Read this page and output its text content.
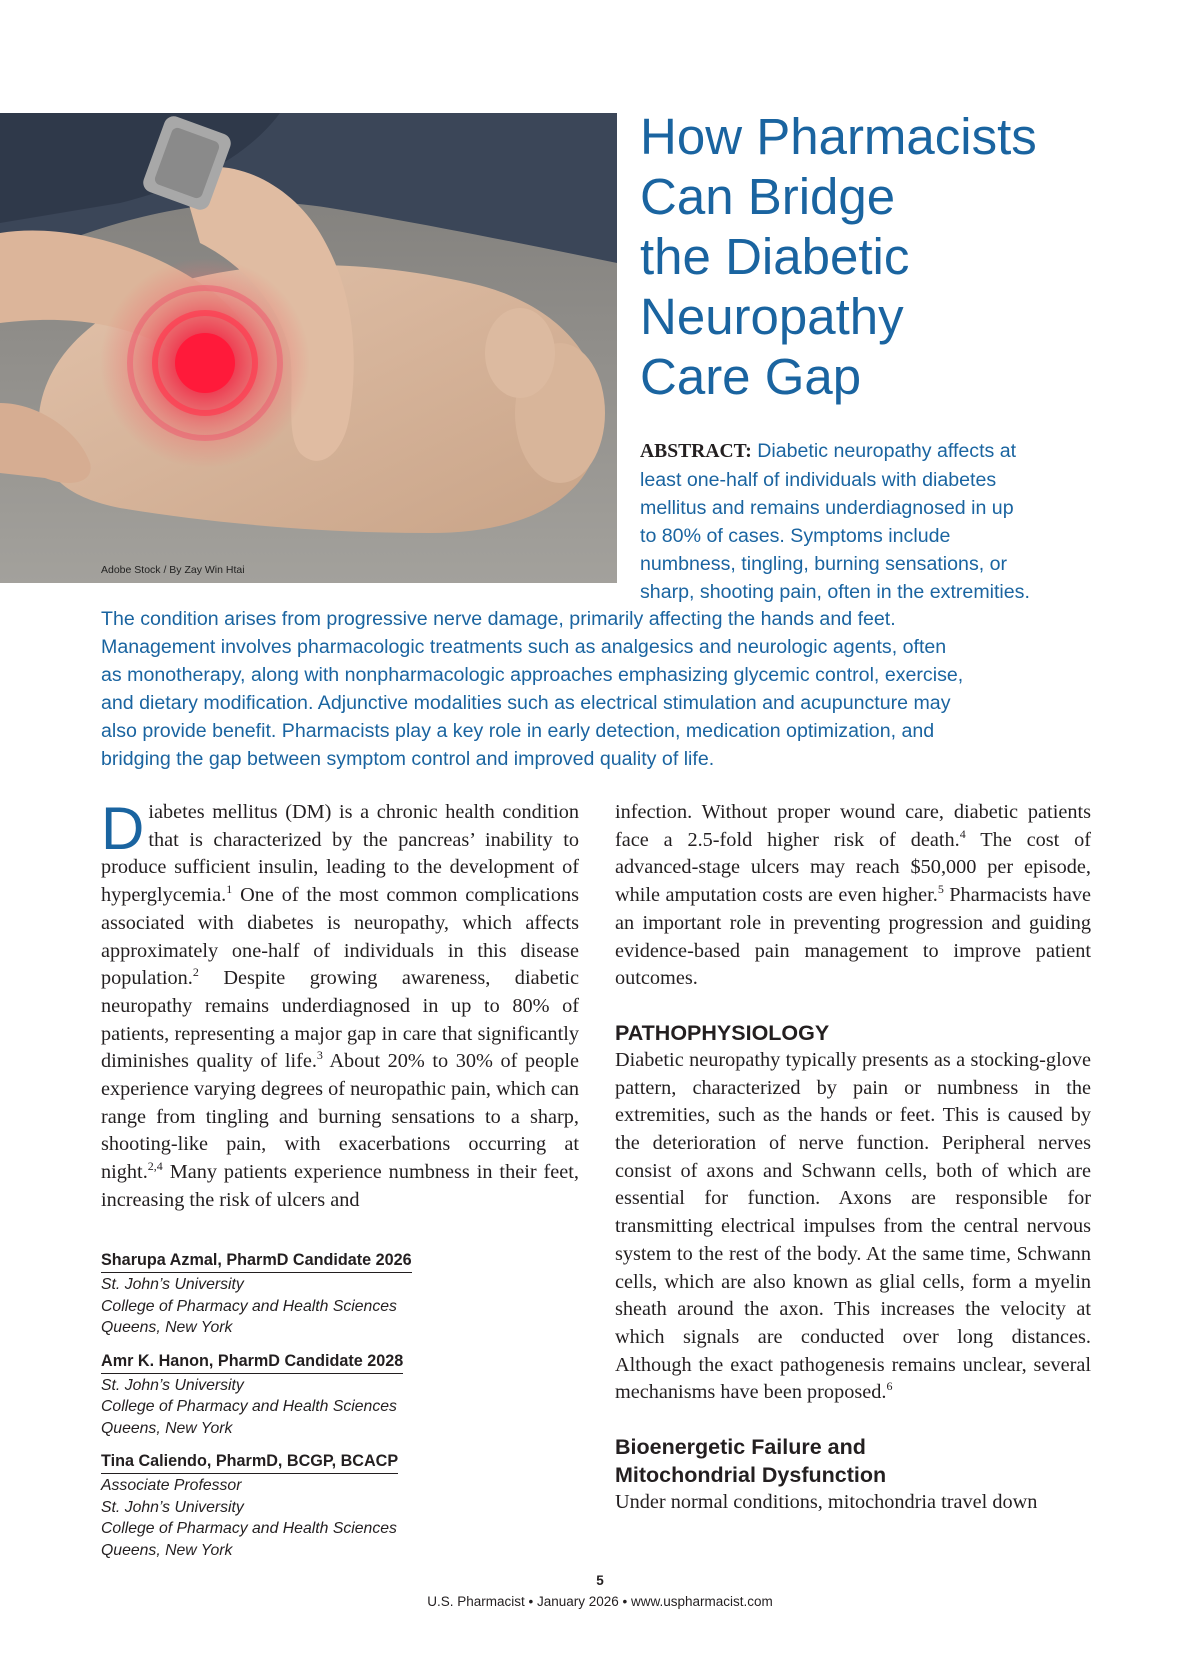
Adobe Stock / By Zay Win Htai
How Pharmacists
Can Bridge
the Diabetic
Neuropathy
Care Gap
ABSTRACT: Diabetic neuropathy affects at
least one-half of individuals with diabetes
mellitus and remains underdiagnosed in up
to 80% of cases. Symptoms include
numbness, tingling, burning sensations, or
sharp, shooting pain, often in the extremities.
The condition arises from progressive nerve damage, primarily affecting the hands and feet.
Management involves pharmacologic treatments such as analgesics and neurologic agents, often
as monotherapy, along with nonpharmacologic approaches emphasizing glycemic control, exercise,
and dietary modification. Adjunctive modalities such as electrical stimulation and acupuncture may
also provide benefit. Pharmacists play a key role in early detection, medication optimization, and
bridging the gap between symptom control and improved quality of life.

Diabetes mellitus (DM) is a chronic health condition that is characterized by the pancreas’ inability to produce sufficient insulin, leading to the development of hyperglycemia.$^1$ One of the most common complications associated with diabetes is neuropathy, which affects approximately one-half of individuals in this disease population.$^2$ Despite growing awareness, diabetic neuropathy remains underdiagnosed in up to 80% of patients, representing a major gap in care that significantly diminishes quality of life.$^3$ About 20% to 30% of people experience varying degrees of neuropathic pain, which can range from tingling and burning sensations to a sharp, shooting-like pain, with exacerbations occurring at night.$^{2,4}$ Many patients experience numbness in their feet, increasing the risk of ulcers and

Sharupa Azmal, PharmD Candidate 2026
St. John’s University
College of Pharmacy and Health Sciences
Queens, New York
Amr K. Hanon, PharmD Candidate 2028
St. John’s University
College of Pharmacy and Health Sciences
Queens, New York
Tina Caliendo, PharmD, BCGP, BCACP
Associate Professor
St. John’s University
College of Pharmacy and Health Sciences
Queens, New York

infection. Without proper wound care, diabetic patients face a 2.5-fold higher risk of death.$^4$ The cost of advanced-stage ulcers may reach $50,000 per episode, while amputation costs are even higher.$^5$ Pharmacists have an important role in preventing progression and guiding evidence-based pain management to improve patient outcomes.

PATHOPHYSIOLOGY

Diabetic neuropathy typically presents as a stocking-glove pattern, characterized by pain or numbness in the extremities, such as the hands or feet. This is caused by the deterioration of nerve function. Peripheral nerves consist of axons and Schwann cells, both of which are essential for function. Axons are responsible for transmitting electrical impulses from the central nervous system to the rest of the body. At the same time, Schwann cells, which are also known as glial cells, form a myelin sheath around the axon. This increases the velocity at which signals are conducted over long distances. Although the exact pathogenesis remains unclear, several mechanisms have been proposed.$^6$

Bioenergetic Failure and
Mitochondrial Dysfunction

Under normal conditions, mitochondria travel down

5
U.S. Pharmacist • January 2026 • www.uspharmacist.com
